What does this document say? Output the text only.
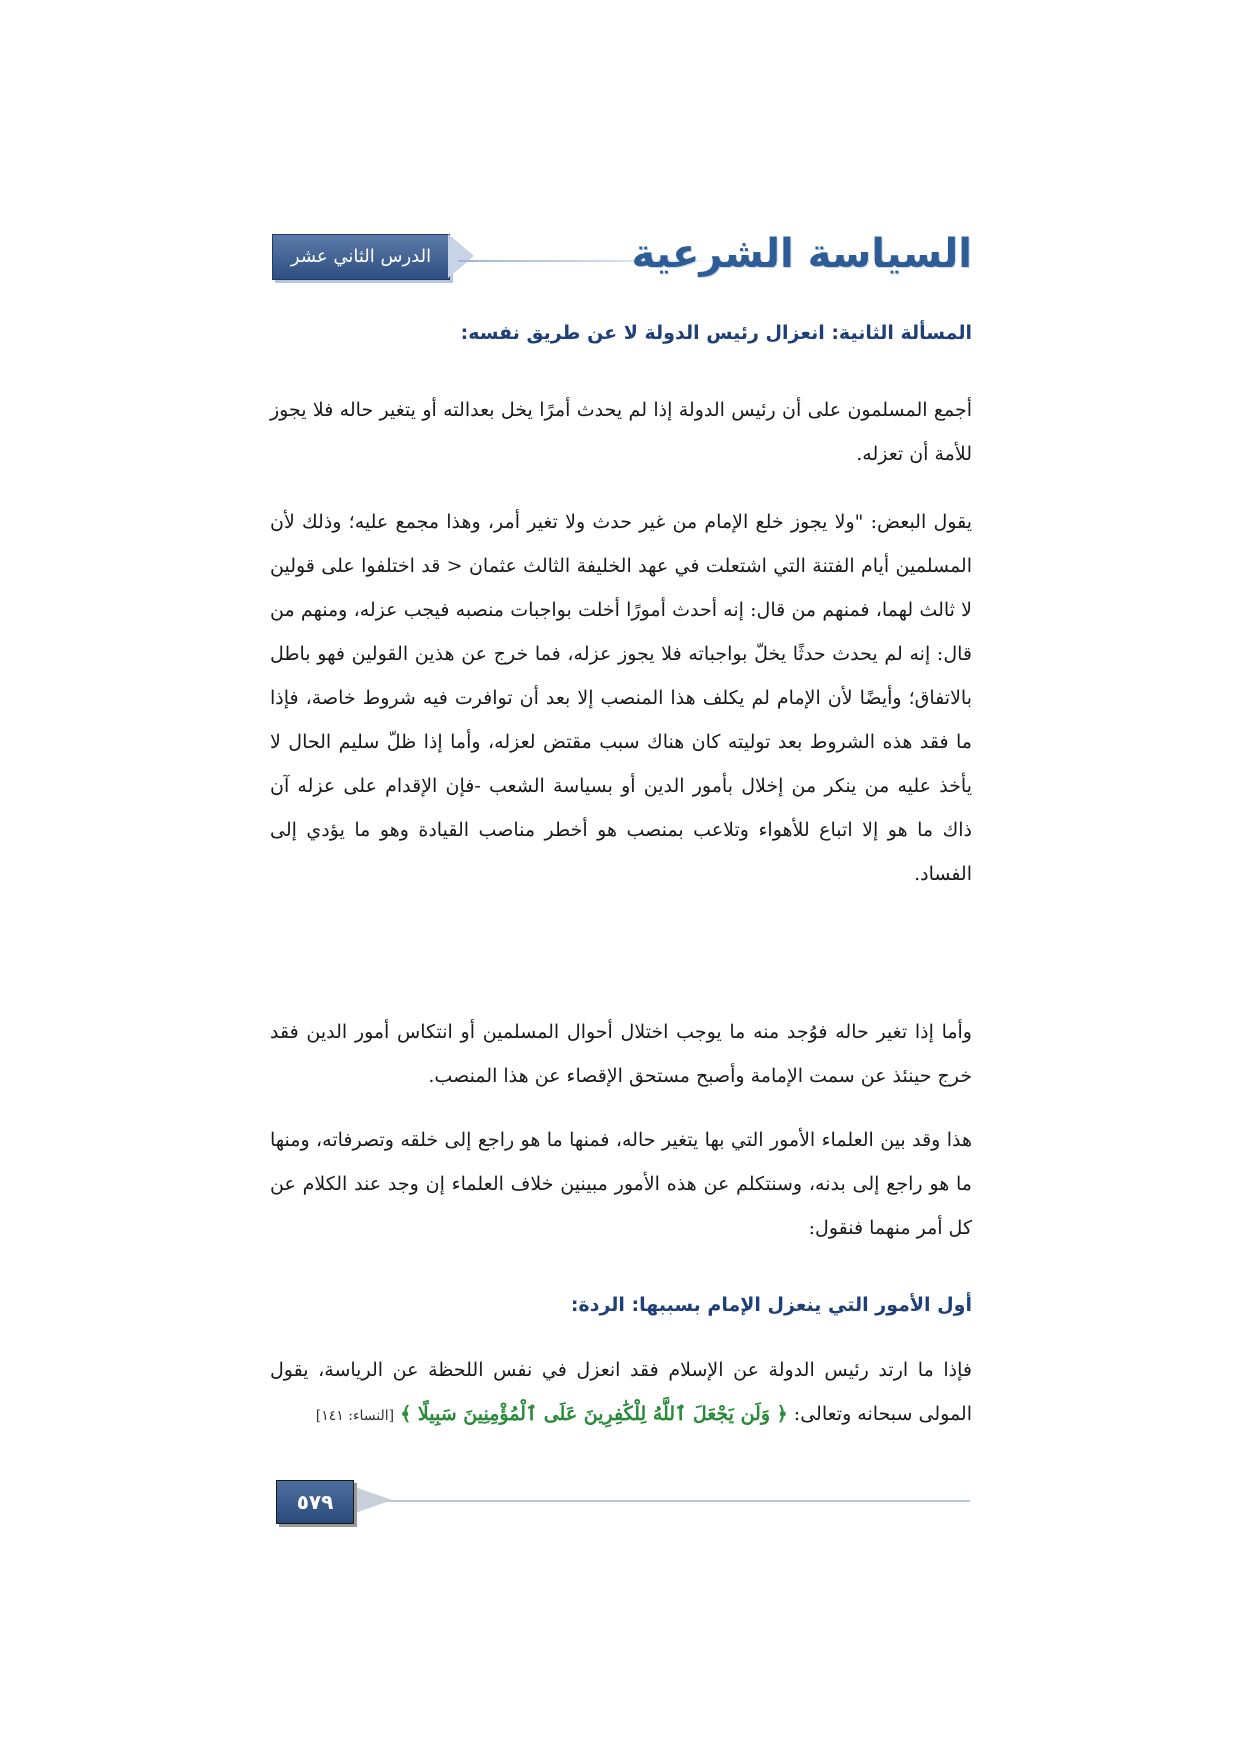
الدرس الثاني عشر	السياسة الشرعية
المسألة الثانية: انعزال رئيس الدولة لا عن طريق نفسه:

أجمع المسلمون على أن رئيس الدولة إذا لم يحدث أمرًا يخل بعدالته أو يتغير حاله فلا يجوز للأمة أن تعزله.

يقول البعض: "ولا يجوز خلع الإمام من غير حدث ولا تغير أمر، وهذا مجمع عليه؛ وذلك لأن المسلمين أيام الفتنة التي اشتعلت في عهد الخليفة الثالث عثمان < قد اختلفوا على قولين لا ثالث لهما، فمنهم من قال: إنه أحدث أمورًا أخلت بواجبات منصبه فيجب عزله، ومنهم من قال: إنه لم يحدث حدثًا يخلّ بواجباته فلا يجوز عزله، فما خرج عن هذين القولين فهو باطل بالاتفاق؛ وأيضًا لأن الإمام لم يكلف هذا المنصب إلا بعد أن توافرت فيه شروط خاصة، فإذا ما فقد هذه الشروط بعد توليته كان هناك سبب مقتض لعزله، وأما إذا ظلّ سليم الحال لا يأخذ عليه من ينكر من إخلال بأمور الدين أو بسياسة الشعب -فإن الإقدام على عزله آن ذاك ما هو إلا اتباع للأهواء وتلاعب بمنصب هو أخطر مناصب القيادة وهو ما يؤدي إلى الفساد.

وأما إذا تغير حاله فوُجد منه ما يوجب اختلال أحوال المسلمين أو انتكاس أمور الدين فقد خرج حينئذ عن سمت الإمامة وأصبح مستحق الإقصاء عن هذا المنصب.

هذا وقد بين العلماء الأمور التي بها يتغير حاله، فمنها ما هو راجع إلى خلقه وتصرفاته، ومنها ما هو راجع إلى بدنه، وسنتكلم عن هذه الأمور مبينين خلاف العلماء إن وجد عند الكلام عن كل أمر منهما فنقول:

أول الأمور التي ينعزل الإمام بسببها: الردة:

فإذا ما ارتد رئيس الدولة عن الإسلام فقد انعزل في نفس اللحظة عن الرياسة، يقول المولى سبحانه وتعالى: ﴿ وَلَن يَجْعَلَ ٱللَّهُ لِلْكَٰفِرِينَ عَلَى ٱلْمُؤْمِنِينَ سَبِيلًا ﴾ [النساء: ١٤١]

٥٧٩
